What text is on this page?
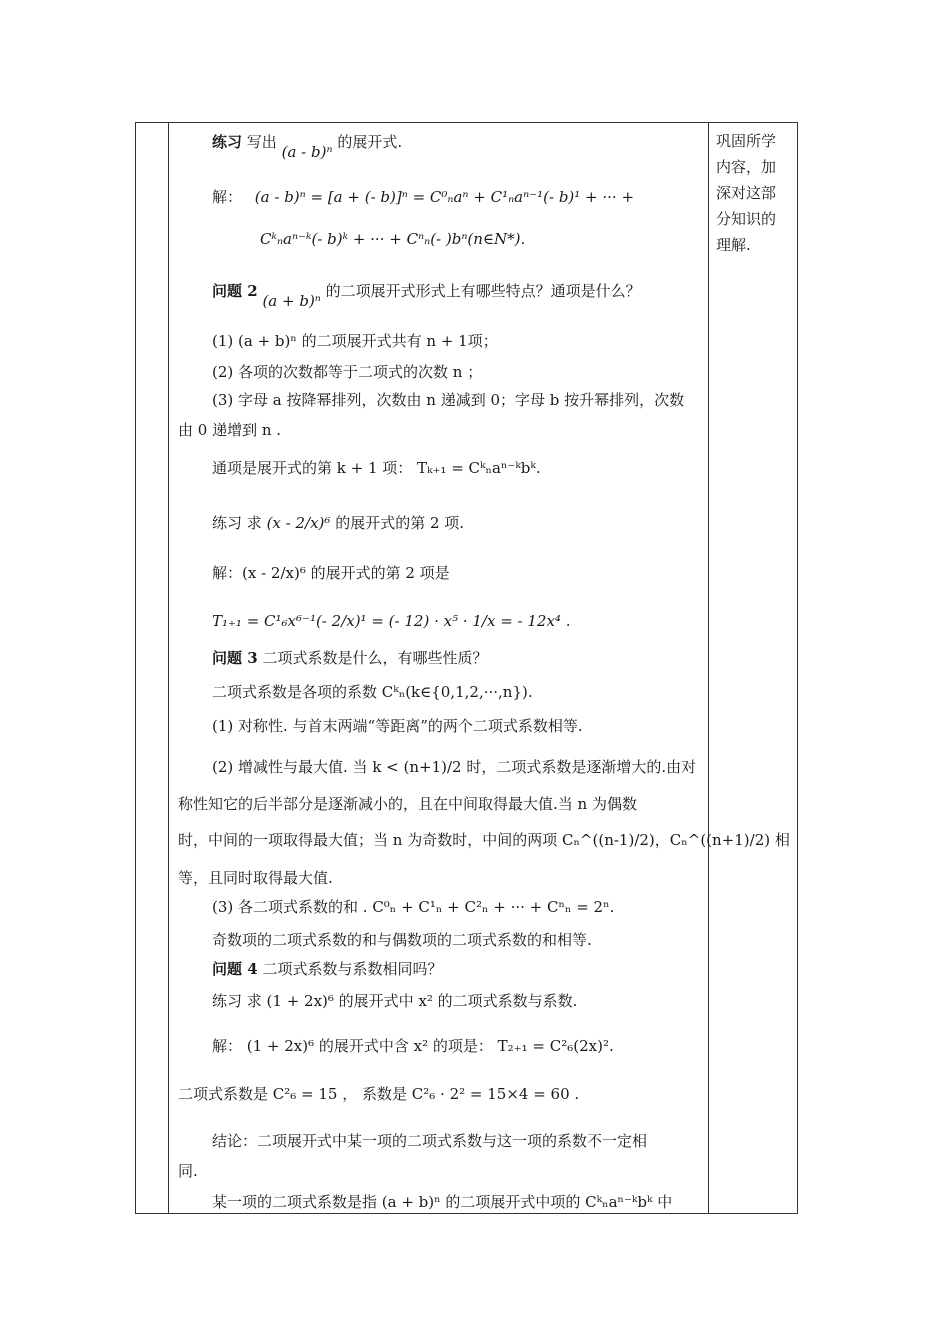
巩固所学内容，加深对这部分知识的理解.
练习 写出 (a - b)ⁿ 的展开式.
解： (a - b)ⁿ = [a + (- b)]ⁿ = C⁰ₙaⁿ + C¹ₙaⁿ⁻¹(- b)¹ + ··· +
Cᵏₙaⁿ⁻ᵏ(- b)ᵏ + ··· + Cⁿₙ(- )bⁿ(n∈N*).
问题 2 (a + b)ⁿ 的二项展开式形式上有哪些特点？通项是什么？
(1) (a + b)ⁿ 的二项展开式共有 n + 1项；
(2) 各项的次数都等于二项式的次数 n ；
(3) 字母 a 按降幂排列，次数由 n 递减到 0；字母 b 按升幂排列，次数
由 0 递增到 n .
通项是展开式的第 k + 1 项： Tₖ₊₁ = Cᵏₙaⁿ⁻ᵏbᵏ.
练习 求 (x - 2/x)⁶ 的展开式的第 2 项.
解：(x - 2/x)⁶ 的展开式的第 2 项是
T₁₊₁ = C¹₆x⁶⁻¹(- 2/x)¹ = (- 12) · x⁵ · 1/x = - 12x⁴ .
问题 3 二项式系数是什么，有哪些性质？
二项式系数是各项的系数 Cᵏₙ(k∈{0,1,2,···,n}).
(1) 对称性. 与首末两端“等距离”的两个二项式系数相等.
(2) 增减性与最大值. 当 k < (n+1)/2 时，二项式系数是逐渐增大的.由对
称性知它的后半部分是逐渐减小的，且在中间取得最大值.当 n 为偶数
时，中间的一项取得最大值；当 n 为奇数时，中间的两项 Cₙ^((n-1)/2)，Cₙ^((n+1)/2) 相
等，且同时取得最大值.
(3) 各二项式系数的和 . C⁰ₙ + C¹ₙ + C²ₙ + ··· + Cⁿₙ = 2ⁿ.
奇数项的二项式系数的和与偶数项的二项式系数的和相等.
问题 4 二项式系数与系数相同吗？
练习 求 (1 + 2x)⁶ 的展开式中 x² 的二项式系数与系数.
解： (1 + 2x)⁶ 的展开式中含 x² 的项是： T₂₊₁ = C²₆(2x)².
二项式系数是 C²₆ = 15 ， 系数是 C²₆ · 2² = 15×4 = 60 .
结论：二项展开式中某一项的二项式系数与这一项的系数不一定相
同.
某一项的二项式系数是指 (a + b)ⁿ 的二项展开式中项的 Cᵏₙaⁿ⁻ᵏbᵏ 中
